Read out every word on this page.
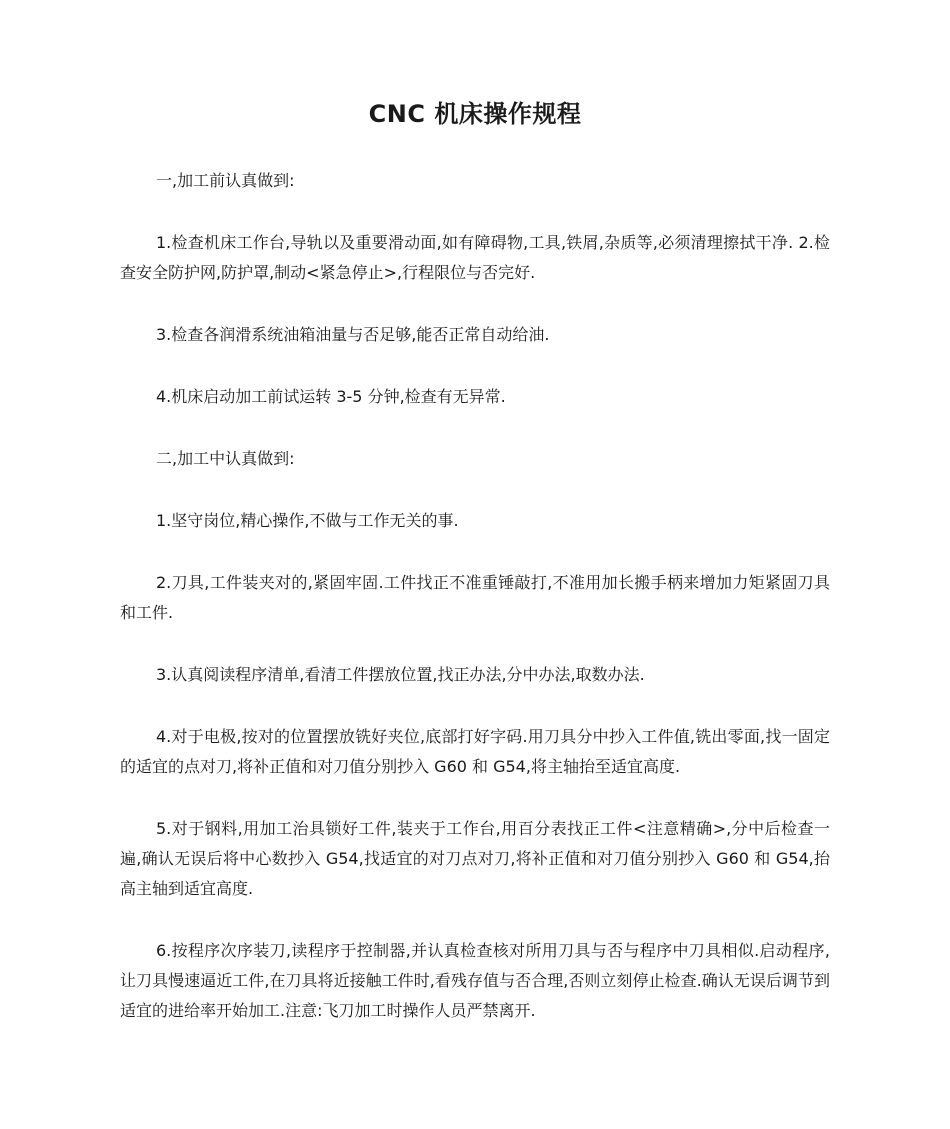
CNC 机床操作规程

一,加工前认真做到:

1.检查机床工作台,导轨以及重要滑动面,如有障碍物,工具,铁屑,杂质等,必须清理擦拭干净. 2.检查安全防护网,防护罩,制动<紧急停止>,行程限位与否完好.

3.检查各润滑系统油箱油量与否足够,能否正常自动给油.

4.机床启动加工前试运转 3-5 分钟,检查有无异常.

二,加工中认真做到:

1.坚守岗位,精心操作,不做与工作无关的事.

2.刀具,工件装夹对的,紧固牢固.工件找正不准重锤敲打,不准用加长搬手柄来增加力矩紧固刀具和工件.

3.认真阅读程序清单,看清工件摆放位置,找正办法,分中办法,取数办法.

4.对于电极,按对的位置摆放铣好夹位,底部打好字码.用刀具分中抄入工件值,铣出零面,找一固定的适宜的点对刀,将补正值和对刀值分别抄入 G60 和 G54,将主轴抬至适宜高度.

5.对于钢料,用加工治具锁好工件,装夹于工作台,用百分表找正工件<注意精确>,分中后检查一遍,确认无误后将中心数抄入 G54,找适宜的对刀点对刀,将补正值和对刀值分别抄入 G60 和 G54,抬高主轴到适宜高度.

6.按程序次序装刀,读程序于控制器,并认真检查核对所用刀具与否与程序中刀具相似.启动程序,让刀具慢速逼近工件,在刀具将近接触工件时,看残存值与否合理,否则立刻停止检查.确认无误后调节到适宜的进给率开始加工.注意:飞刀加工时操作人员严禁离开.
